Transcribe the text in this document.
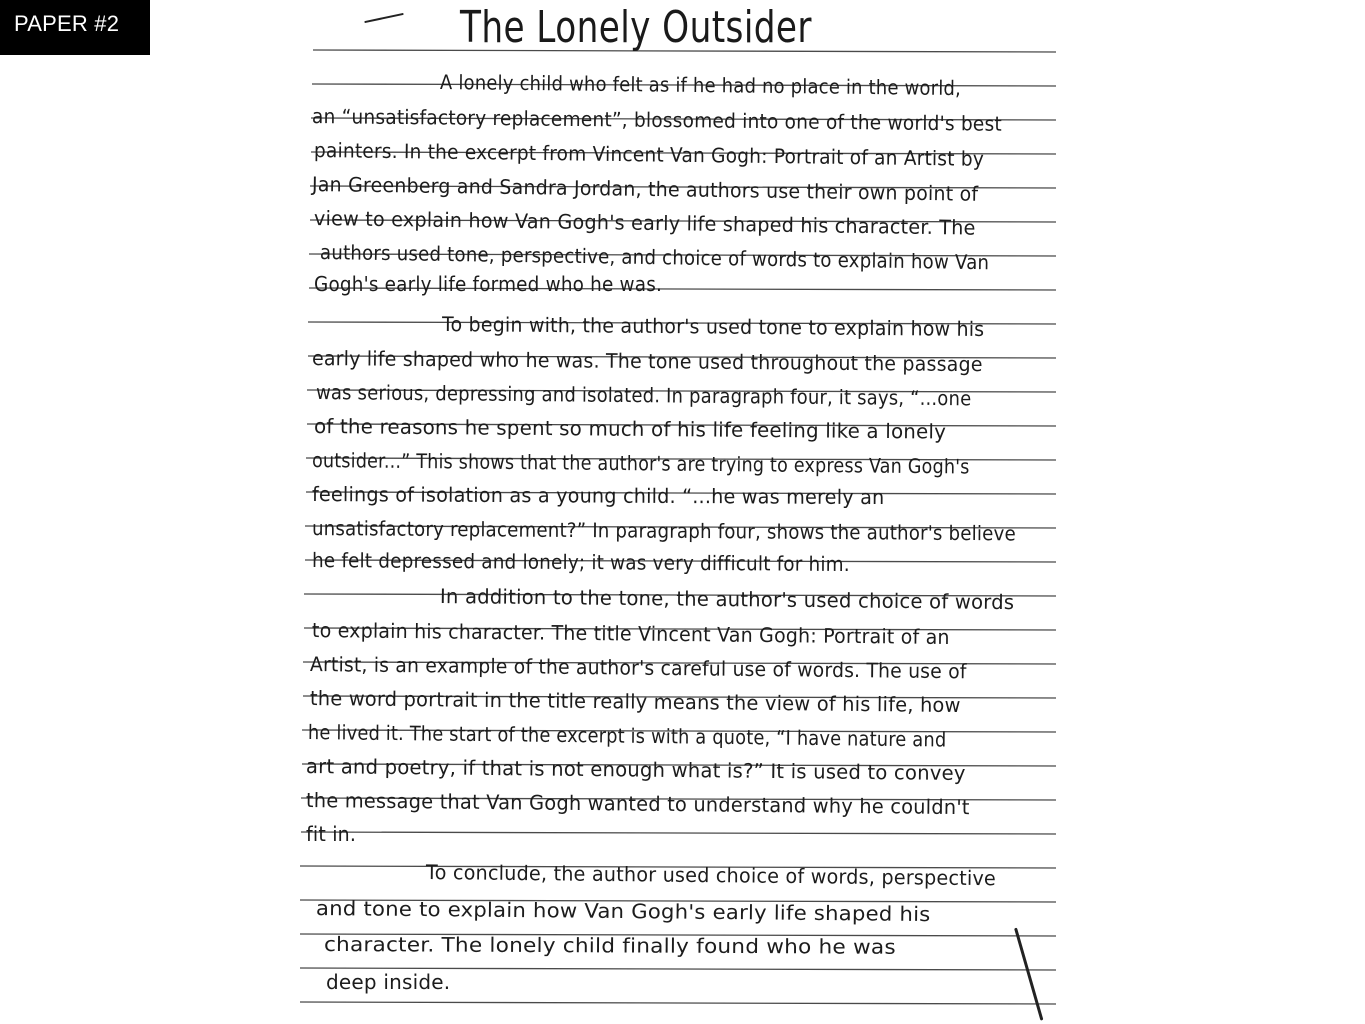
PAPER #2	The Lonely Outsider
A lonely child who felt as if he had no place in the world,
an “unsatisfactory replacement”, blossomed into one of the world's best
painters. In the excerpt from Vincent Van Gogh: Portrait of an Artist by
Jan Greenberg and Sandra Jordan, the authors use their own point of
view to explain how Van Gogh's early life shaped his character. The
authors used tone, perspective, and choice of words to explain how Van
Gogh's early life formed who he was.
To begin with, the author's used tone to explain how his
early life shaped who he was. The tone used throughout the passage
was serious, depressing and isolated. In paragraph four, it says, “...one
of the reasons he spent so much of his life feeling like a lonely
outsider...” This shows that the author's are trying to express Van Gogh's
feelings of isolation as a young child. “...he was merely an
unsatisfactory replacement?” In paragraph four, shows the author's believe
he felt depressed and lonely; it was very difficult for him.
In addition to the tone, the author's used choice of words
to explain his character. The title Vincent Van Gogh: Portrait of an
Artist, is an example of the author's careful use of words. The use of
the word portrait in the title really means the view of his life, how
he lived it. The start of the excerpt is with a quote, “I have nature and
art and poetry, if that is not enough what is?” It is used to convey
the message that Van Gogh wanted to understand why he couldn't
fit in.
To conclude, the author used choice of words, perspective
and tone to explain how Van Gogh's early life shaped his
character. The lonely child finally found who he was
deep inside.
